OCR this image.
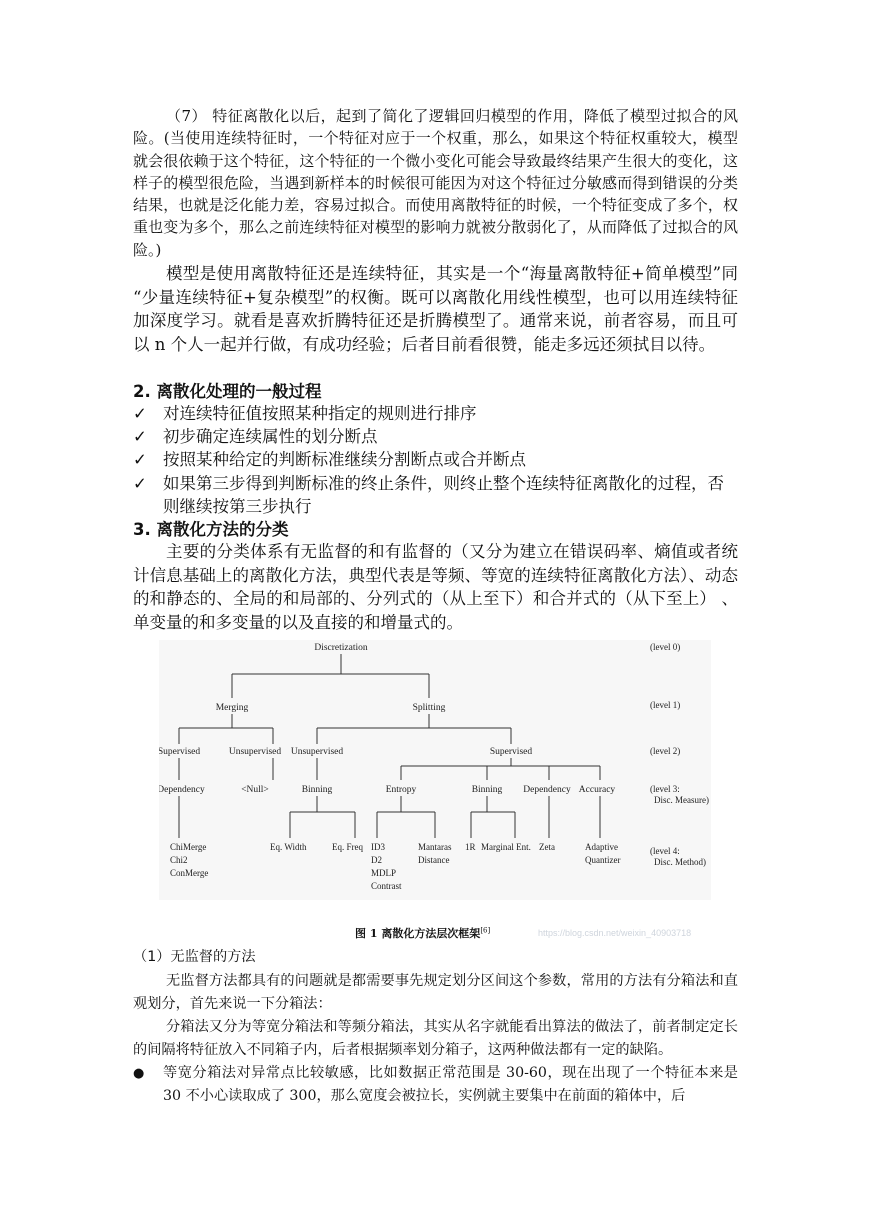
（7） 特征离散化以后，起到了简化了逻辑回归模型的作用，降低了模型过拟合的风险。(当使用连续特征时，一个特征对应于一个权重，那么，如果这个特征权重较大，模型就会很依赖于这个特征，这个特征的一个微小变化可能会导致最终结果产生很大的变化，这样子的模型很危险，当遇到新样本的时候很可能因为对这个特征过分敏感而得到错误的分类结果，也就是泛化能力差，容易过拟合。而使用离散特征的时候，一个特征变成了多个，权重也变为多个，那么之前连续特征对模型的影响力就被分散弱化了，从而降低了过拟合的风险。)

模型是使用离散特征还是连续特征，其实是一个“海量离散特征+简单模型”同 “少量连续特征+复杂模型”的权衡。既可以离散化用线性模型，也可以用连续特征加深度学习。就看是喜欢折腾特征还是折腾模型了。通常来说，前者容易，而且可以 n 个人一起并行做，有成功经验；后者目前看很赞，能走多远还须拭目以待。

2. 离散化处理的一般过程
✓ 对连续特征值按照某种指定的规则进行排序
✓ 初步确定连续属性的划分断点
✓ 按照某种给定的判断标准继续分割断点或合并断点
✓ 如果第三步得到判断标准的终止条件，则终止整个连续特征离散化的过程，否则继续按第三步执行
3. 离散化方法的分类

主要的分类体系有无监督的和有监督的（又分为建立在错误码率、熵值或者统计信息基础上的离散化方法，典型代表是等频、等宽的连续特征离散化方法）、动态的和静态的、全局的和局部的、分列式的（从上至下）和合并式的（从下至上） 、单变量的和多变量的以及直接的和增量式的。

Discretization
Merging	Splitting
Supervised	Unsupervised Unsupervised	Supervised
Dependency	<Null>	Binning	Entropy	Binning Dependency Accuracy
ChiMerge
Chi2
ConMerge
Eq. Width	Eq. Freq ID3
D2
MDLP
Contrast
Mantaras
Distance
1R Marginal Ent. Zeta	Adaptive
Quantizer
(level 0)
(level 1)
(level 2)
(level 3:
Disc. Measure)
(level 4:
Disc. Method)
图 1 离散化方法层次框架[6]	https://blog.csdn.net/weixin_40903718

（1）无监督的方法

无监督方法都具有的问题就是都需要事先规定划分区间这个参数，常用的方法有分箱法和直观划分，首先来说一下分箱法：

分箱法又分为等宽分箱法和等频分箱法，其实从名字就能看出算法的做法了，前者制定定长的间隔将特征放入不同箱子内，后者根据频率划分箱子，这两种做法都有一定的缺陷。

● 等宽分箱法对异常点比较敏感，比如数据正常范围是 30-60，现在出现了一个特征本来是 30 不小心读取成了 300，那么宽度会被拉长，实例就主要集中在前面的箱体中，后
